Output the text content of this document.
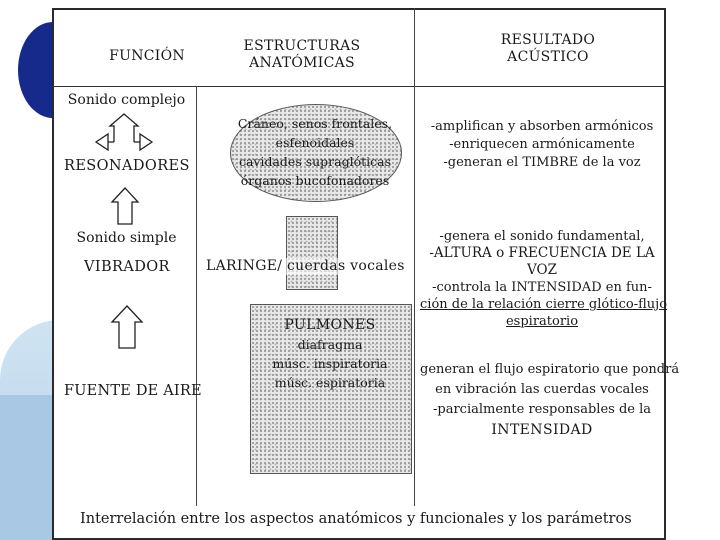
FUNCIÓN
ESTRUCTURAS
ANATÓMICAS
RESULTADO
ACÚSTICO
Sonido complejo
RESONADORES
Sonido simple
VIBRADOR
FUENTE DE AIRE
Cráneo, senos frontales,
esfenoidales
cavidades supraglóticas
órganos bucofonadores
LARINGE/ cuerdas vocales
PULMONES
diafragma
músc. inspiratoria
músc. espiratoria
-amplifican y absorben armónicos
-enriquecen armónicamente
-generan el TIMBRE de la voz
-genera el sonido fundamental,
-ALTURA o FRECUENCIA DE LA
VOZ
-controla la INTENSIDAD en fun-
ción de la relación cierre glótico-flujo
espiratorio
generan el flujo espiratorio que pondrá
en vibración las cuerdas vocales
-parcialmente responsables de la
INTENSIDAD
Interrelación entre los aspectos anatómicos y funcionales y los parámetros
